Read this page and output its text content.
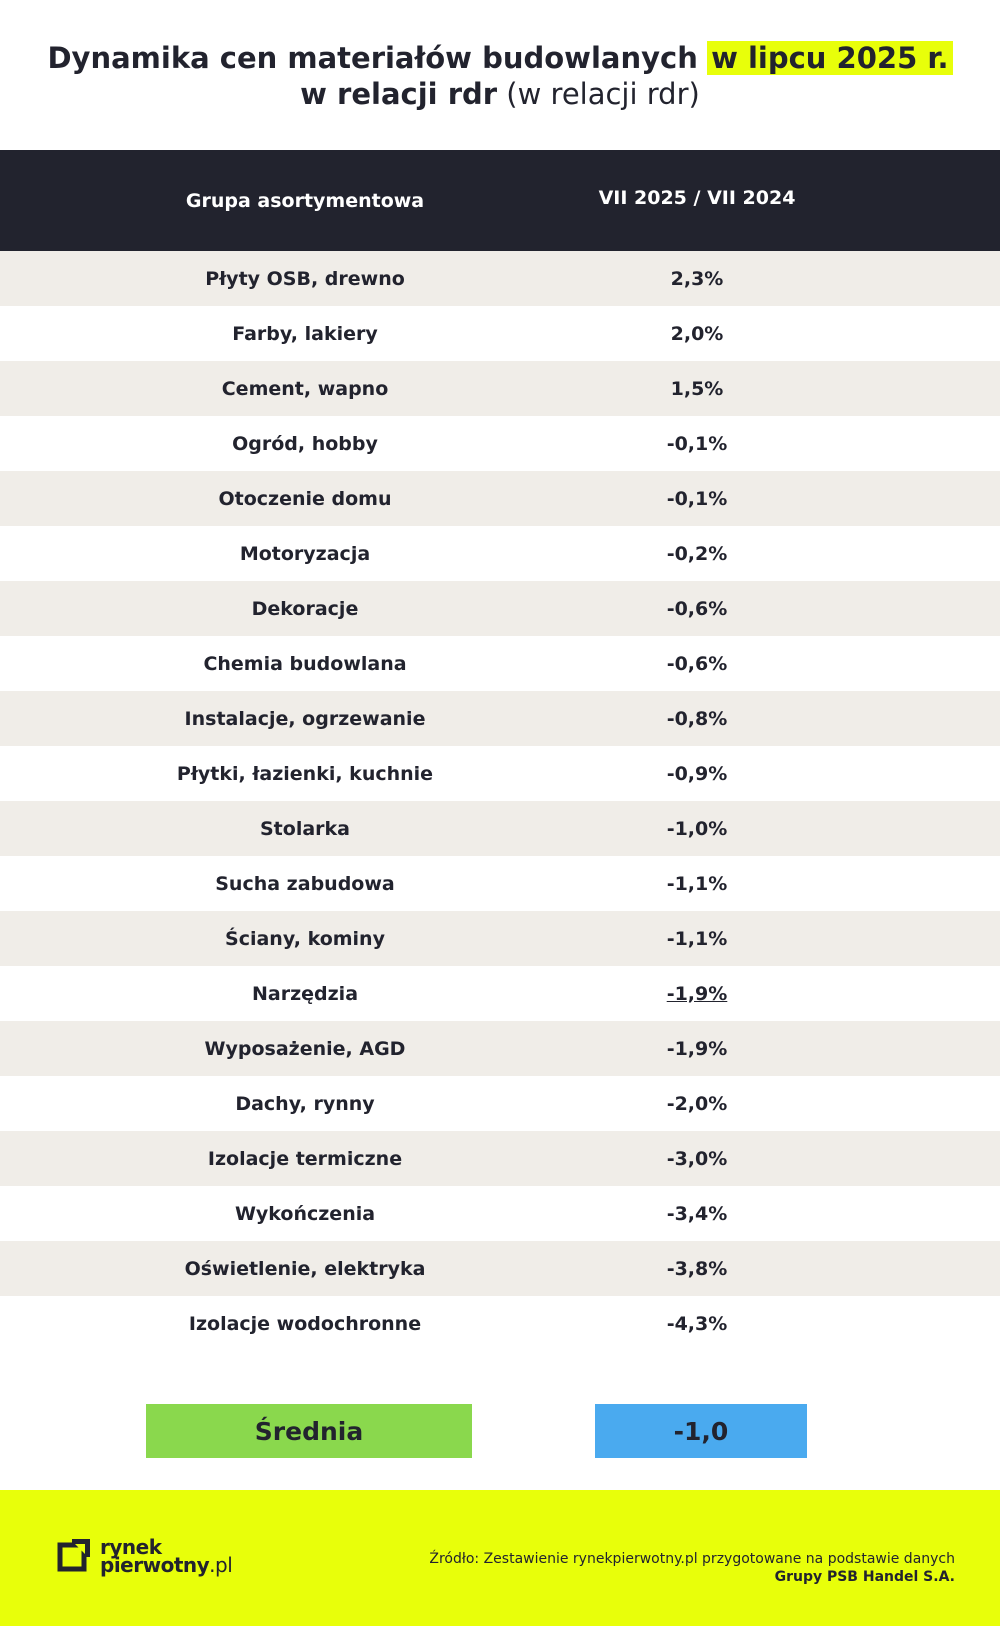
Dynamika cen materiałów budowlanych w lipcu 2025 r.
w relacji rdr (w relacji rdr)
Grupa asortymentowa	VII 2025 / VII 2024
Płyty OSB, drewno	2,3%
Farby, lakiery	2,0%
Cement, wapno	1,5%
Ogród, hobby	-0,1%
Otoczenie domu	-0,1%
Motoryzacja	-0,2%
Dekoracje	-0,6%
Chemia budowlana	-0,6%
Instalacje, ogrzewanie	-0,8%
Płytki, łazienki, kuchnie	-0,9%
Stolarka	-1,0%
Sucha zabudowa	-1,1%
Ściany, kominy	-1,1%
Narzędzia	-1,9%
Wyposażenie, AGD	-1,9%
Dachy, rynny	-2,0%
Izolacje termiczne	-3,0%
Wykończenia	-3,4%
Oświetlenie, elektryka	-3,8%
Izolacje wodochronne	-4,3%
Średnia	-1,0
rynek
pierwotny.pl	Źródło: Zestawienie rynekpierwotny.pl przygotowane na podstawie danych
Grupy PSB Handel S.A.
